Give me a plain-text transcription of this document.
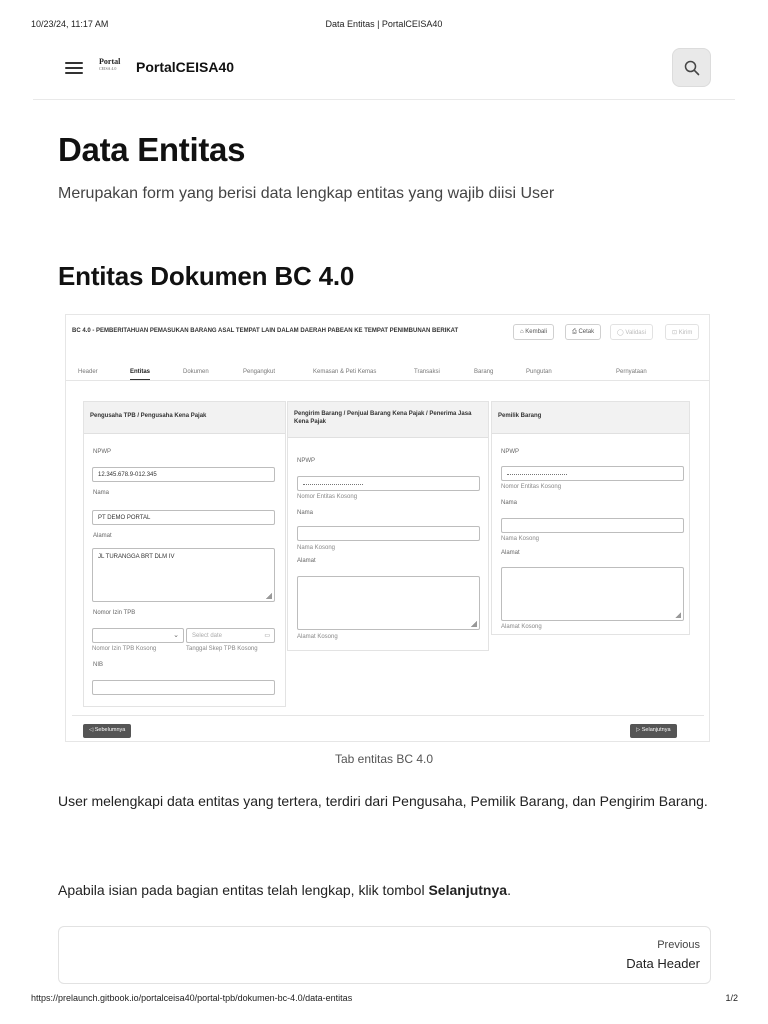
10/23/24, 11:17 AM	Data Entitas | PortalCEISA40
Portal
CEISA 4.0	PortalCEISA40
Data Entitas

Merupakan form yang berisi data lengkap entitas yang wajib diisi User

Entitas Dokumen BC 4.0
BC 4.0 - PEMBERITAHUAN PEMASUKAN BARANG ASAL TEMPAT LAIN DALAM DAERAH PABEAN KE TEMPAT PENIMBUNAN BERIKAT	⌂ Kembali	⎙ Cetak	◯ Validasi	⊡ Kirim
Header	Entitas	Dokumen	Pengangkut	Kemasan & Peti Kemas	Transaksi	Barang	Pungutan	Pernyataan
Pengusaha TPB / Pengusaha Kena Pajak
NPWP
12.345.678.9-012.345
Nama
PT DEMO PORTAL
Alamat
JL TURANGGA BRT DLM IV
Nomor Izin TPB
⌄	Select date	▭
Nomor Izin TPB Kosong	Tanggal Skep TPB Kosong
NIB
Pengirim Barang / Penjual Barang Kena Pajak / Penerima Jasa Kena Pajak
NPWP
Nomor Entitas Kosong
Nama
Nama Kosong
Alamat
Alamat Kosong
Pemilik Barang
NPWP
Nomor Entitas Kosong
Nama
Nama Kosong
Alamat
Alamat Kosong
◁ Sebelumnya	▷ Selanjutnya
Tab entitas BC 4.0

User melengkapi data entitas yang tertera, terdiri dari Pengusaha, Pemilik Barang, dan Pengirim Barang.

Apabila isian pada bagian entitas telah lengkap, klik tombol Selanjutnya.

Previous
Data Header
https://prelaunch.gitbook.io/portalceisa40/portal-tpb/dokumen-bc-4.0/data-entitas	1/2
